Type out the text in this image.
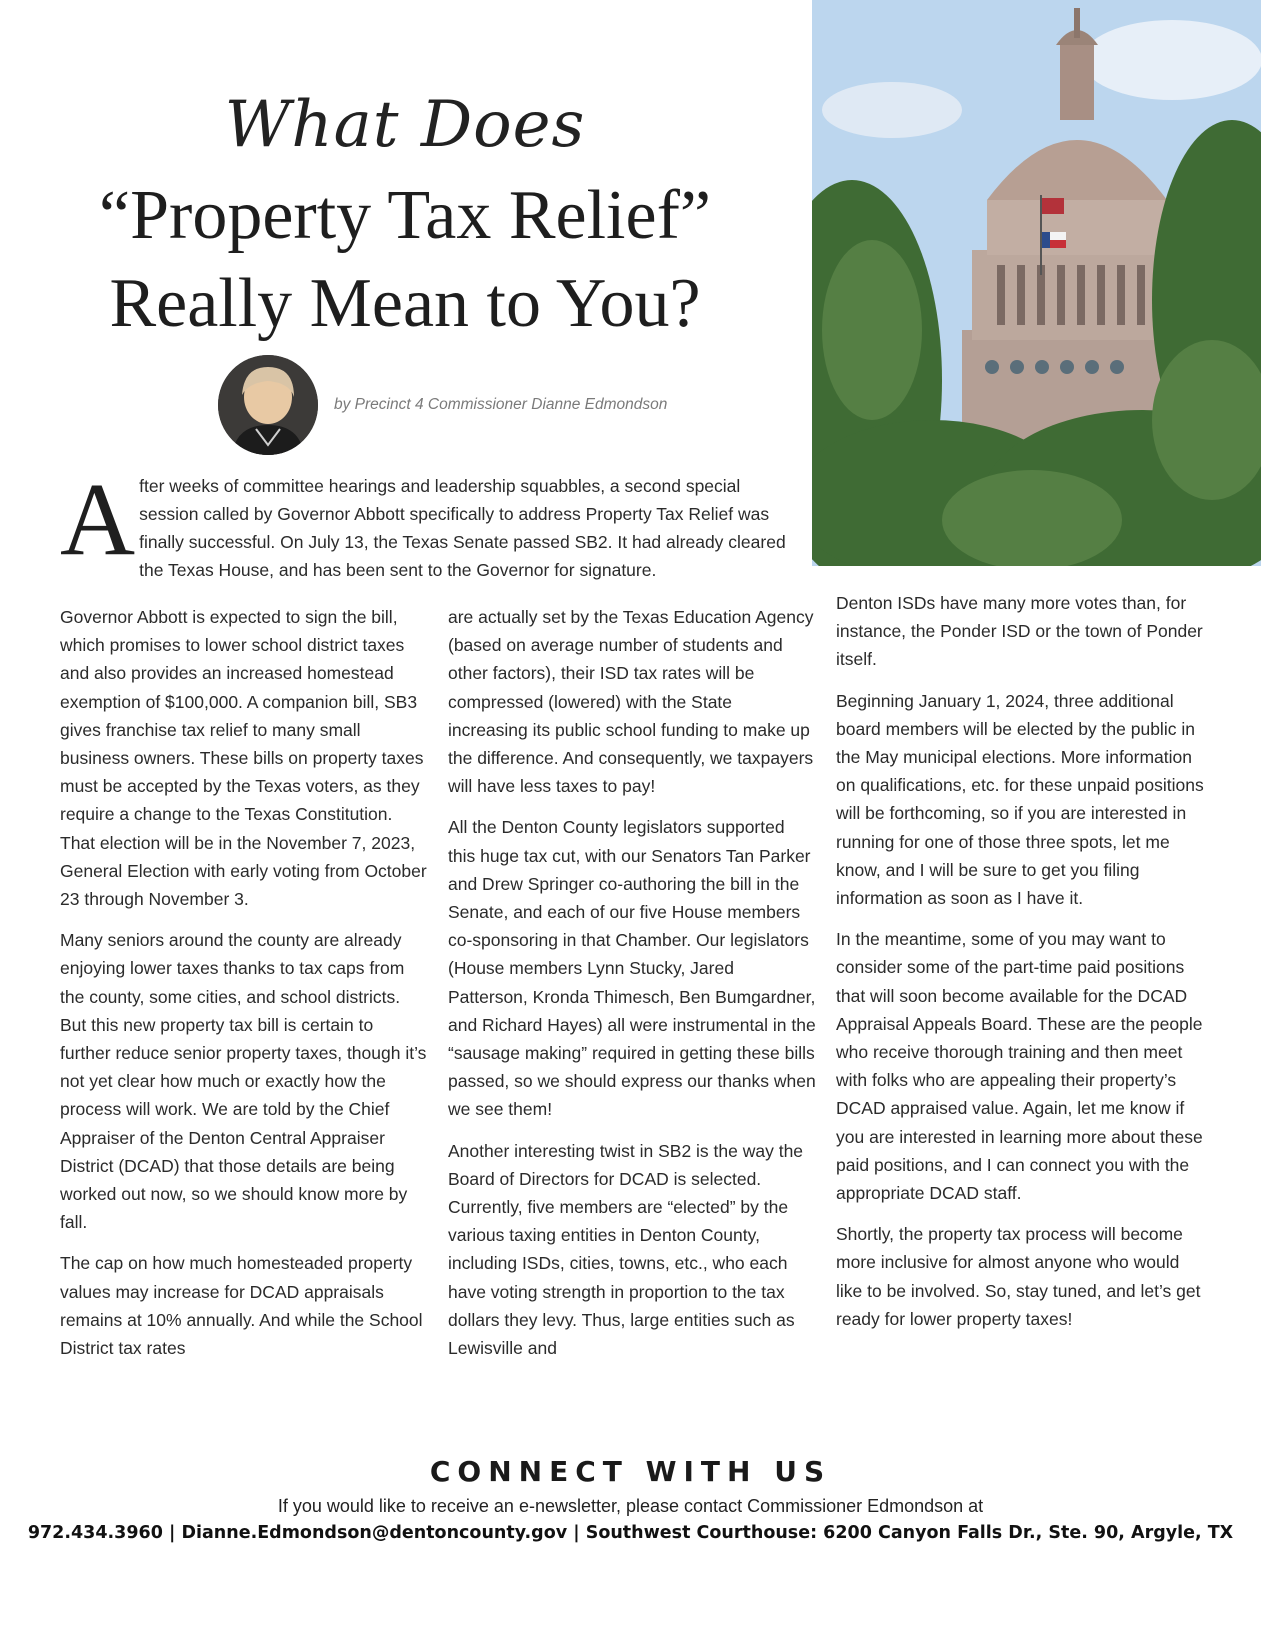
What Does
“Property Tax Relief”
Really Mean to You?
by Precinct 4 Commissioner Dianne Edmondson
A fter weeks of committee hearings and leadership squabbles, a second special session called by Governor Abbott specifically to address Property Tax Relief was finally successful. On July 13, the Texas Senate passed SB2. It had already cleared the Texas House, and has been sent to the Governor for signature.

Governor Abbott is expected to sign the bill, which promises to lower school district taxes and also provides an increased homestead exemption of $100,000. A companion bill, SB3 gives franchise tax relief to many small business owners. These bills on property taxes must be accepted by the Texas voters, as they require a change to the Texas Constitution. That election will be in the November 7, 2023, General Election with early voting from October 23 through November 3.

Many seniors around the county are already enjoying lower taxes thanks to tax caps from the county, some cities, and school districts. But this new property tax bill is certain to further reduce senior property taxes, though it’s not yet clear how much or exactly how the process will work. We are told by the Chief Appraiser of the Denton Central Appraiser District (DCAD) that those details are being worked out now, so we should know more by fall.

The cap on how much homesteaded property values may increase for DCAD appraisals remains at 10% annually. And while the School District tax rates

are actually set by the Texas Education Agency (based on average number of students and other factors), their ISD tax rates will be compressed (lowered) with the State increasing its public school funding to make up the difference. And consequently, we taxpayers will have less taxes to pay!

All the Denton County legislators supported this huge tax cut, with our Senators Tan Parker and Drew Springer co-authoring the bill in the Senate, and each of our five House members co-sponsoring in that Chamber. Our legislators (House members Lynn Stucky, Jared Patterson, Kronda Thimesch, Ben Bumgardner, and Richard Hayes) all were instrumental in the “sausage making” required in getting these bills passed, so we should express our thanks when we see them!

Another interesting twist in SB2 is the way the Board of Directors for DCAD is selected. Currently, five members are “elected” by the various taxing entities in Denton County, including ISDs, cities, towns, etc., who each have voting strength in proportion to the tax dollars they levy. Thus, large entities such as Lewisville and

Denton ISDs have many more votes than, for instance, the Ponder ISD or the town of Ponder itself.

Beginning January 1, 2024, three additional board members will be elected by the public in the May municipal elections. More information on qualifications, etc. for these unpaid positions will be forthcoming, so if you are interested in running for one of those three spots, let me know, and I will be sure to get you filing information as soon as I have it.

In the meantime, some of you may want to consider some of the part-time paid positions that will soon become available for the DCAD Appraisal Appeals Board. These are the people who receive thorough training and then meet with folks who are appealing their property’s DCAD appraised value. Again, let me know if you are interested in learning more about these paid positions, and I can connect you with the appropriate DCAD staff.

Shortly, the property tax process will become more inclusive for almost anyone who would like to be involved. So, stay tuned, and let’s get ready for lower property taxes!

CONNECT WITH US
If you would like to receive an e-newsletter, please contact Commissioner Edmondson at
972.434.3960 | Dianne.Edmondson@dentoncounty.gov | Southwest Courthouse: 6200 Canyon Falls Dr., Ste. 90, Argyle, TX
